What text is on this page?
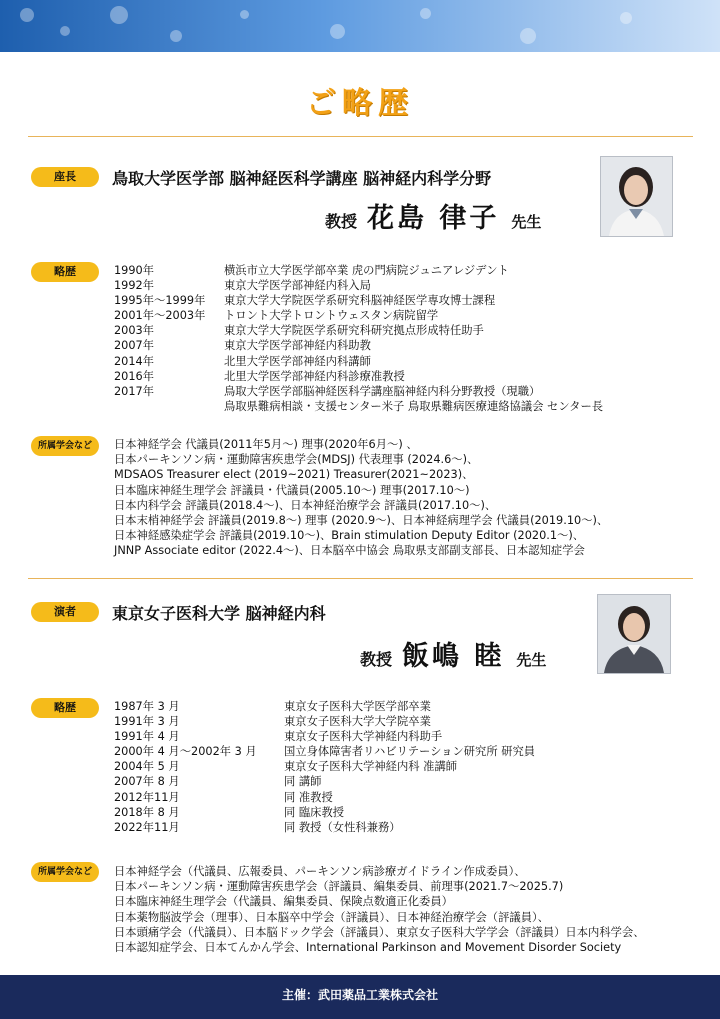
ご略歴
座長	鳥取大学医学部 脳神経医科学講座 脳神経内科学分野
教授 花島 律子 先生
略歴	1990年	横浜市立大学医学部卒業 虎の門病院ジュニアレジデント
1992年	東京大学医学部神経内科入局
1995年～1999年 東京大学大学院医学系研究科脳神経医学専攻博士課程
2001年～2003年 トロント大学トロントウェスタン病院留学
2003年	東京大学大学院医学系研究科研究拠点形成特任助手
2007年	東京大学医学部神経内科助教
2014年	北里大学医学部神経内科講師
2016年	北里大学医学部神経内科診療准教授
2017年	鳥取大学医学部脳神経医科学講座脳神経内科分野教授（現職）
鳥取県難病相談・支援センター米子 鳥取県難病医療連絡協議会 センター長
所属学会など	日本神経学会 代議員(2011年5月～) 理事(2020年6月～) 、
日本パーキンソン病・運動障害疾患学会(MDSJ) 代表理事 (2024.6～)、
MDSAOS Treasurer elect (2019~2021) Treasurer(2021~2023)、
日本臨床神経生理学会 評議員・代議員(2005.10～) 理事(2017.10～)
日本内科学会 評議員(2018.4～)、日本神経治療学会 評議員(2017.10～)、
日本末梢神経学会 評議員(2019.8～) 理事 (2020.9～)、日本神経病理学会 代議員(2019.10～)、
日本神経感染症学会 評議員(2019.10～)、Brain stimulation Deputy Editor (2020.1～)、
JNNP Associate editor (2022.4～)、日本脳卒中協会 鳥取県支部副支部長、日本認知症学会
演者	東京女子医科大学 脳神経内科
教授 飯嶋 睦 先生
略歴	1987年 3 月	東京女子医科大学医学部卒業
1991年 3 月	東京女子医科大学大学院卒業
1991年 4 月	東京女子医科大学神経内科助手
2000年 4 月～2002年 3 月 国立身体障害者リハビリテーション研究所 研究員
2004年 5 月	東京女子医科大学神経内科 准講師
2007年 8 月	同 講師
2012年11月	同 准教授
2018年 8 月	同 臨床教授
2022年11月	同 教授（女性科兼務）
所属学会など	日本神経学会（代議員、広報委員、パーキンソン病診療ガイドライン作成委員）、
日本パーキンソン病・運動障害疾患学会（評議員、編集委員、前理事(2021.7～2025.7)
日本臨床神経生理学会（代議員、編集委員、保険点数適正化委員）
日本薬物脳波学会（理事）、日本脳卒中学会（評議員）、日本神経治療学会（評議員）、
日本頭痛学会（代議員）、日本脳ドック学会（評議員）、東京女子医科大学学会（評議員）日本内科学会、
日本認知症学会、日本てんかん学会、International Parkinson and Movement Disorder Society
主催：武田薬品工業株式会社
